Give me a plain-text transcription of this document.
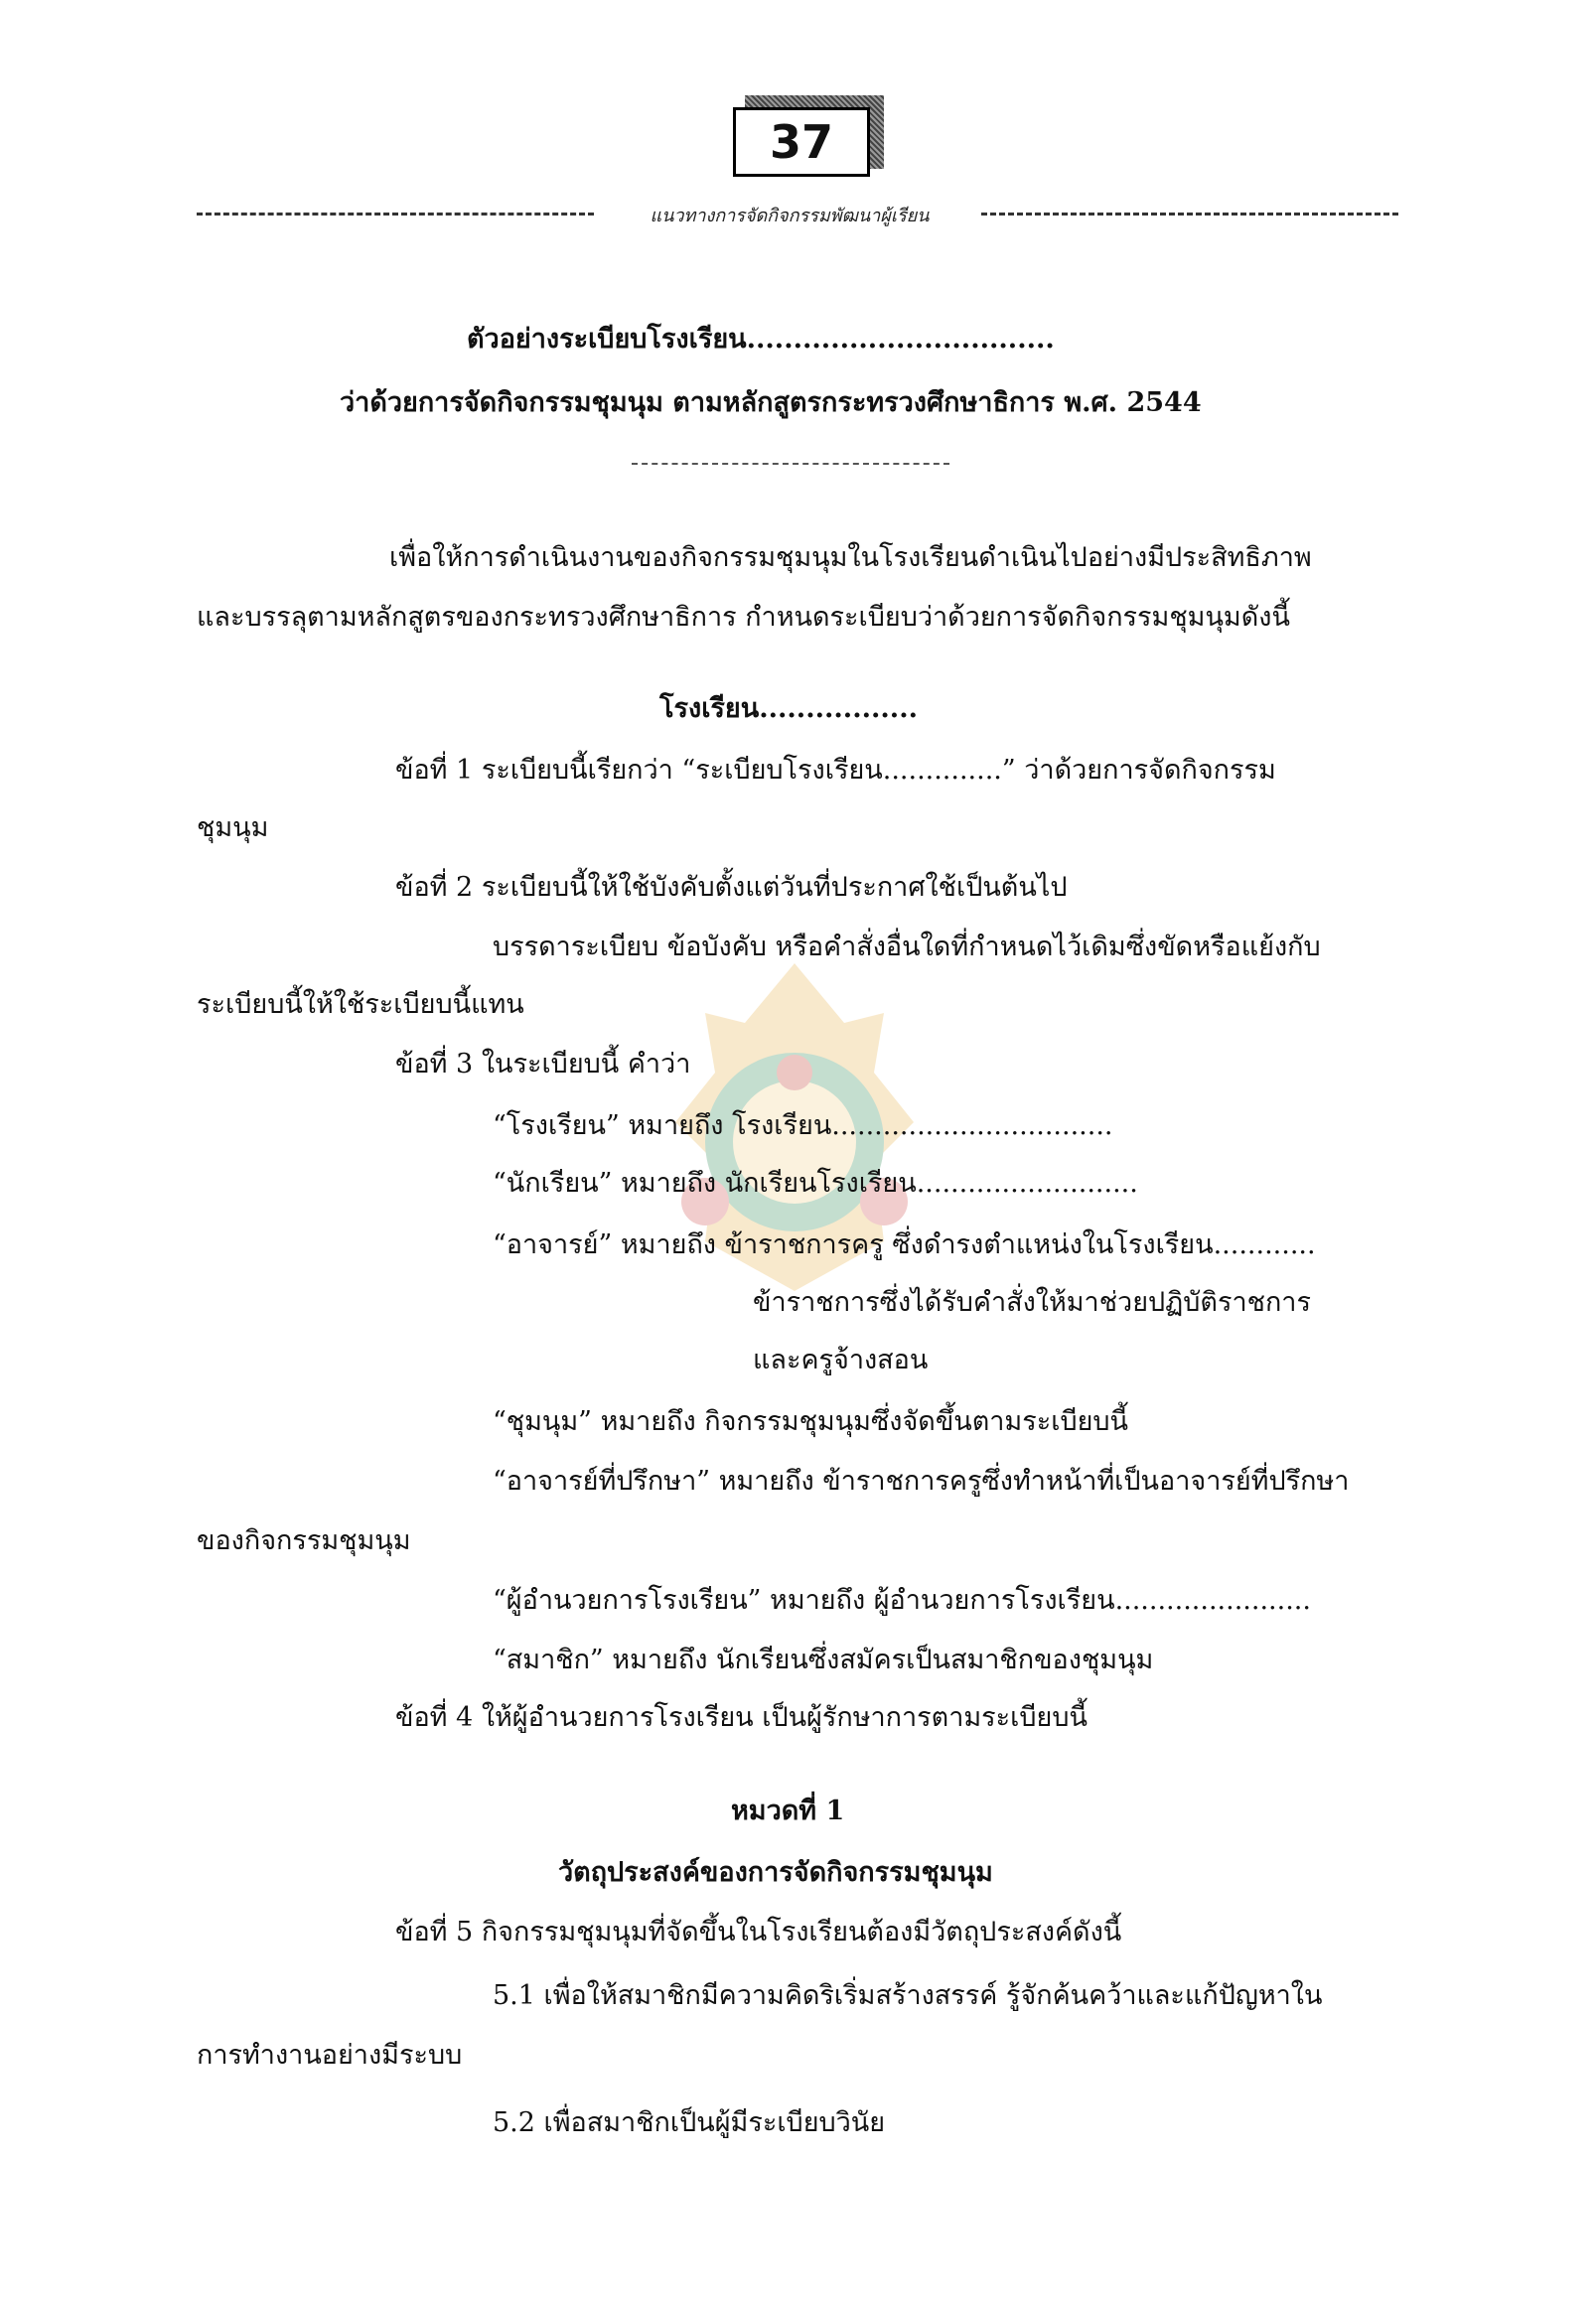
37
แนวทางการจัดกิจกรรมพัฒนาผู้เรียน
ตัวอย่างระเบียบโรงเรียน.................................
ว่าด้วยการจัดกิจกรรมชุมนุม ตามหลักสูตรกระทรวงศึกษาธิการ พ.ศ. 2544
เพื่อให้การดำเนินงานของกิจกรรมชุมนุมในโรงเรียนดำเนินไปอย่างมีประสิทธิภาพ
และบรรลุตามหลักสูตรของกระทรวงศึกษาธิการ กำหนดระเบียบว่าด้วยการจัดกิจกรรมชุมนุมดังนี้
โรงเรียน.................
ข้อที่ 1 ระเบียบนี้เรียกว่า “ระเบียบโรงเรียน..............” ว่าด้วยการจัดกิจกรรม
ชุมนุม
ข้อที่ 2 ระเบียบนี้ให้ใช้บังคับตั้งแต่วันที่ประกาศใช้เป็นต้นไป
บรรดาระเบียบ ข้อบังคับ หรือคำสั่งอื่นใดที่กำหนดไว้เดิมซึ่งขัดหรือแย้งกับ
ระเบียบนี้ให้ใช้ระเบียบนี้แทน
ข้อที่ 3 ในระเบียบนี้ คำว่า
“โรงเรียน” หมายถึง โรงเรียน.................................
“นักเรียน” หมายถึง นักเรียนโรงเรียน..........................
“อาจารย์” หมายถึง ข้าราชการครู ซึ่งดำรงตำแหน่งในโรงเรียน............
ข้าราชการซึ่งได้รับคำสั่งให้มาช่วยปฏิบัติราชการ
และครูจ้างสอน
“ชุมนุม” หมายถึง กิจกรรมชุมนุมซึ่งจัดขึ้นตามระเบียบนี้
“อาจารย์ที่ปรึกษา” หมายถึง ข้าราชการครูซึ่งทำหน้าที่เป็นอาจารย์ที่ปรึกษา
ของกิจกรรมชุมนุม
“ผู้อำนวยการโรงเรียน” หมายถึง ผู้อำนวยการโรงเรียน.......................
“สมาชิก” หมายถึง นักเรียนซึ่งสมัครเป็นสมาชิกของชุมนุม
ข้อที่ 4 ให้ผู้อำนวยการโรงเรียน เป็นผู้รักษาการตามระเบียบนี้
หมวดที่ 1
วัตถุประสงค์ของการจัดกิจกรรมชุมนุม
ข้อที่ 5 กิจกรรมชุมนุมที่จัดขึ้นในโรงเรียนต้องมีวัตถุประสงค์ดังนี้
5.1 เพื่อให้สมาชิกมีความคิดริเริ่มสร้างสรรค์ รู้จักค้นคว้าและแก้ปัญหาใน
การทำงานอย่างมีระบบ
5.2 เพื่อสมาชิกเป็นผู้มีระเบียบวินัย
